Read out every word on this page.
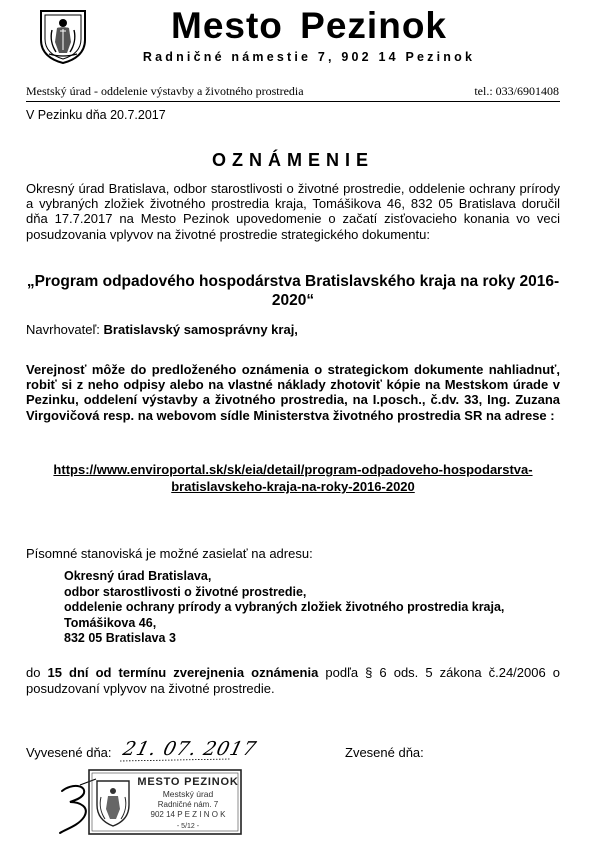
Mesto Pezinok
Radničné námestie 7, 902 14 Pezinok
Mestský úrad - oddelenie výstavby a životného prostredia	tel.: 033/6901408
V Pezinku dňa 20.7.2017
OZNÁMENIE
Okresný úrad Bratislava, odbor starostlivosti o životné prostredie, oddelenie ochrany prírody a vybraných zložiek životného prostredia kraja, Tomášikova 46, 832 05 Bratislava doručil dňa 17.7.2017 na Mesto Pezinok upovedomenie o začatí zisťovacieho konania vo veci posudzovania vplyvov na životné prostredie strategického dokumentu:
„Program odpadového hospodárstva Bratislavského kraja na roky 2016-2020“
Navrhovateľ: Bratislavský samosprávny kraj,
Verejnosť môže do predloženého oznámenia o strategickom dokumente nahliadnuť, robiť si z neho odpisy alebo na vlastné náklady zhotoviť kópie na Mestskom úrade v Pezinku, oddelení výstavby a životného prostredia, na I.posch., č.dv. 33, Ing. Zuzana Virgovičová resp. na webovom sídle Ministerstva životného prostredia SR na adrese :
https://www.enviroportal.sk/sk/eia/detail/program-odpadoveho-hospodarstva-
bratislavskeho-kraja-na-roky-2016-2020
Písomné stanoviská je možné zasielať na adresu:
Okresný úrad Bratislava,
odbor starostlivosti o životné prostredie,
oddelenie ochrany prírody a vybraných zložiek životného prostredia kraja,
Tomášikova 46,
832 05 Bratislava 3
do 15 dní od termínu zverejnenia oznámenia podľa § 6 ods. 5 zákona č.24/2006 o posudzovaní vplyvov na životné prostredie.
Vyvesené dňa: 21. 07. 2017	Zvesené dňa:
MESTO PEZINOK
Mestský úrad
Radničné nám. 7
902 14 P E Z I N O K
- 5/12 -
